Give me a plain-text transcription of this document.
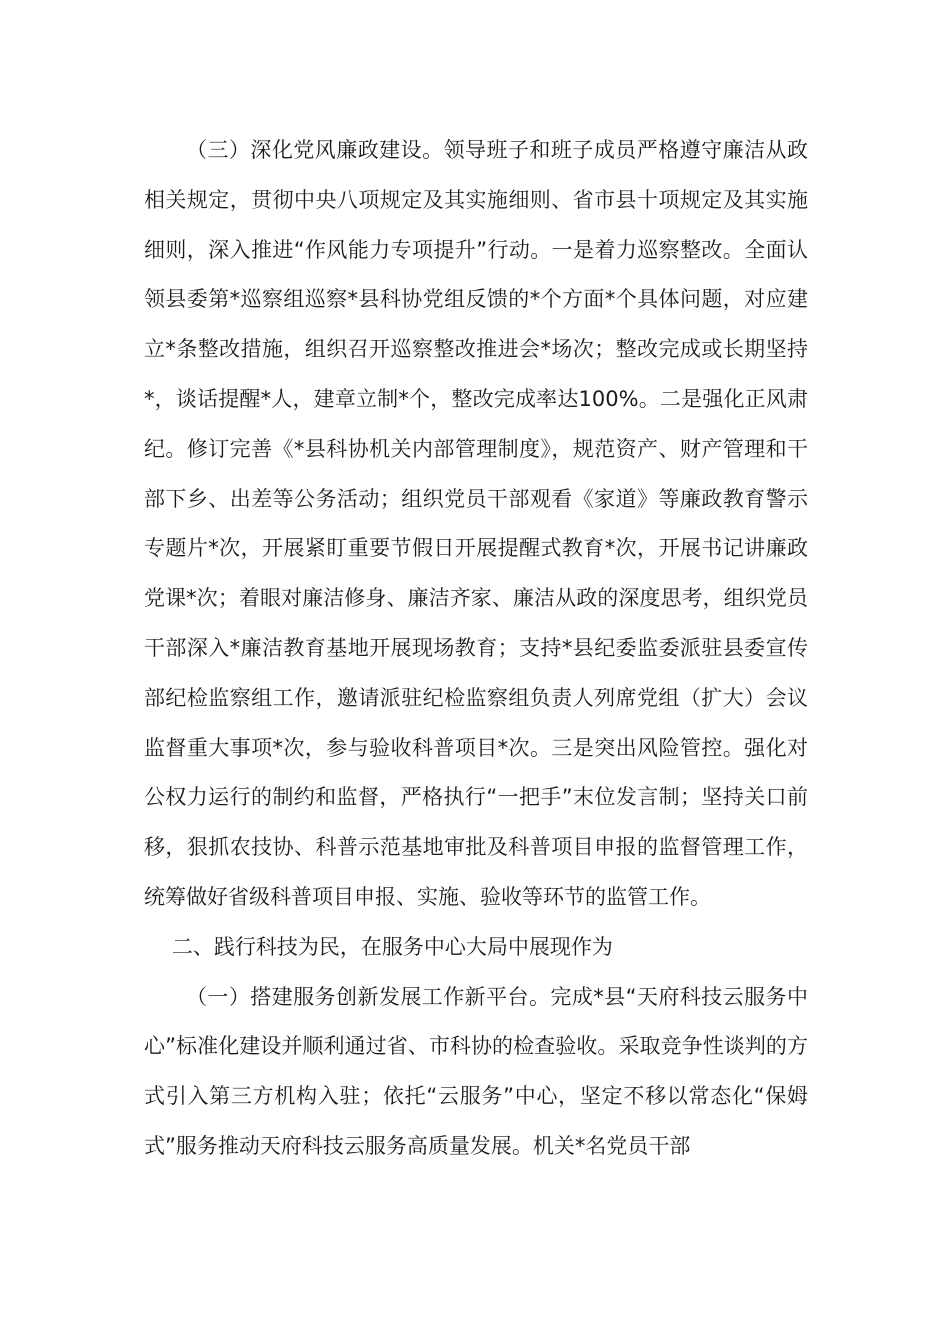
（三）深化党风廉政建设。领导班子和班子成员严格遵守廉洁从政相关规定，贯彻中央八项规定及其实施细则、省市县十项规定及其实施细则，深入推进“作风能力专项提升”行动。一是着力巡察整改。全面认领县委第*巡察组巡察*县科协党组反馈的*个方面*个具体问题，对应建立*条整改措施，组织召开巡察整改推进会*场次；整改完成或长期坚持*，谈话提醒*人，建章立制*个，整改完成率达100%。二是强化正风肃纪。修订完善《*县科协机关内部管理制度》，规范资产、财产管理和干部下乡、出差等公务活动；组织党员干部观看《家道》等廉政教育警示专题片*次，开展紧盯重要节假日开展提醒式教育*次，开展书记讲廉政党课*次；着眼对廉洁修身、廉洁齐家、廉洁从政的深度思考，组织党员干部深入*廉洁教育基地开展现场教育；支持*县纪委监委派驻县委宣传部纪检监察组工作，邀请派驻纪检监察组负责人列席党组（扩大）会议监督重大事项*次，参与验收科普项目*次。三是突出风险管控。强化对公权力运行的制约和监督，严格执行“一把手”末位发言制；坚持关口前移，狠抓农技协、科普示范基地审批及科普项目申报的监督管理工作，统筹做好省级科普项目申报、实施、验收等环节的监管工作。

二、践行科技为民，在服务中心大局中展现作为

（一）搭建服务创新发展工作新平台。完成*县“天府科技云服务中心”标准化建设并顺利通过省、市科协的检查验收。采取竞争性谈判的方式引入第三方机构入驻；依托“云服务”中心，坚定不移以常态化“保姆式”服务推动天府科技云服务高质量发展。机关*名党员干部
